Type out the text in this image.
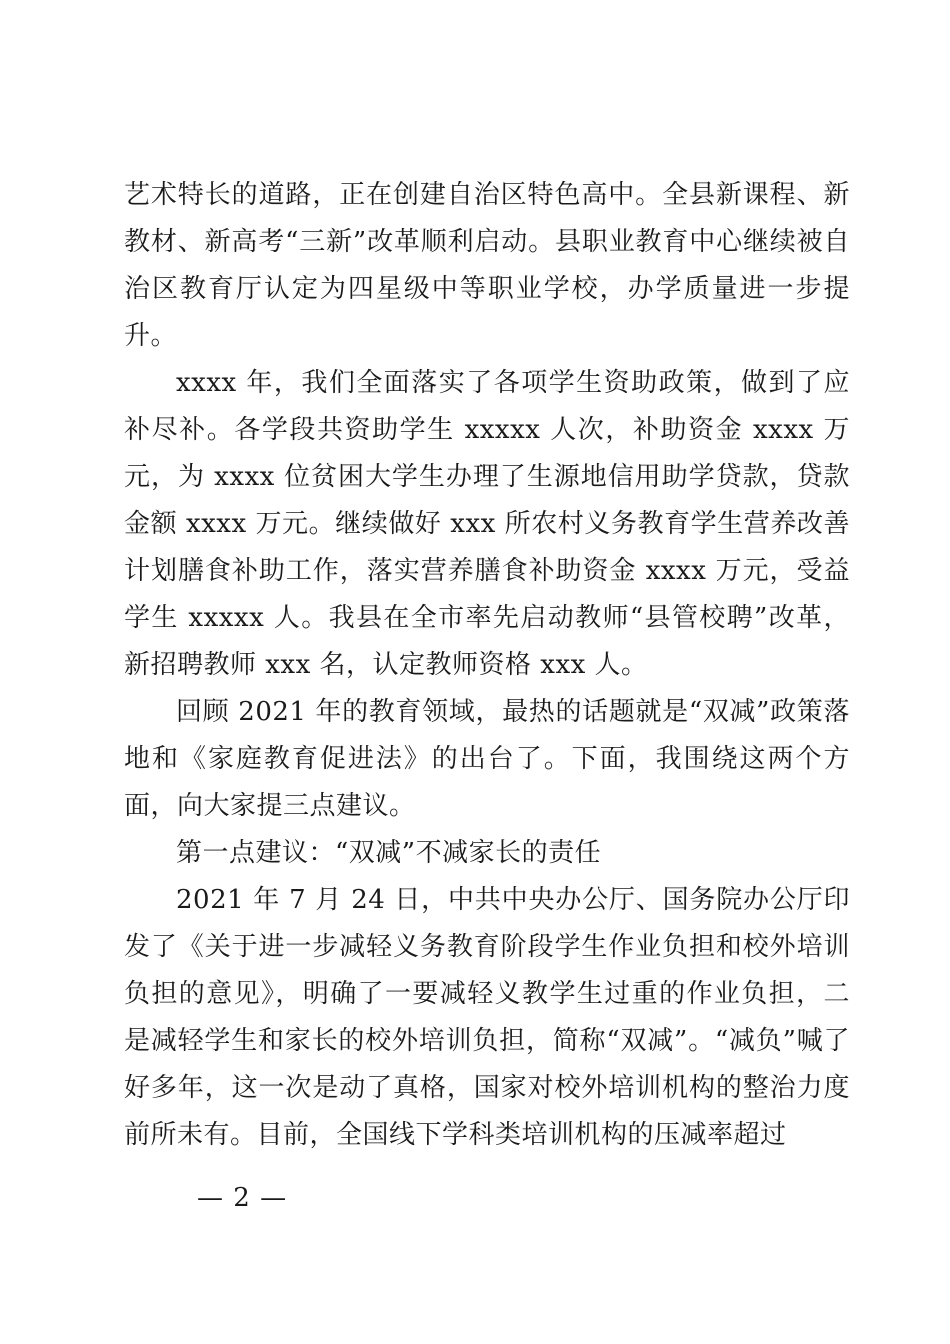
艺术特长的道路，正在创建自治区特色高中。全县新课程、新教材、新高考“三新”改革顺利启动。县职业教育中心继续被自治区教育厅认定为四星级中等职业学校，办学质量进一步提升。

xxxx 年，我们全面落实了各项学生资助政策，做到了应补尽补。各学段共资助学生 xxxxx 人次，补助资金 xxxx 万元，为 xxxx 位贫困大学生办理了生源地信用助学贷款，贷款金额 xxxx 万元。继续做好 xxx 所农村义务教育学生营养改善计划膳食补助工作，落实营养膳食补助资金 xxxx 万元，受益学生 xxxxx 人。我县在全市率先启动教师“县管校聘”改革，新招聘教师 xxx 名，认定教师资格 xxx 人。

回顾 2021 年的教育领域，最热的话题就是“双减”政策落地和《家庭教育促进法》的出台了。下面，我围绕这两个方面，向大家提三点建议。

第一点建议：“双减”不减家长的责任

2021 年 7 月 24 日，中共中央办公厅、国务院办公厅印发了《关于进一步减轻义务教育阶段学生作业负担和校外培训负担的意见》，明确了一要减轻义教学生过重的作业负担，二是减轻学生和家长的校外培训负担，简称“双减”。“减负”喊了好多年，这一次是动了真格，国家对校外培训机构的整治力度前所未有。目前，全国线下学科类培训机构的压减率超过

— 2 —
